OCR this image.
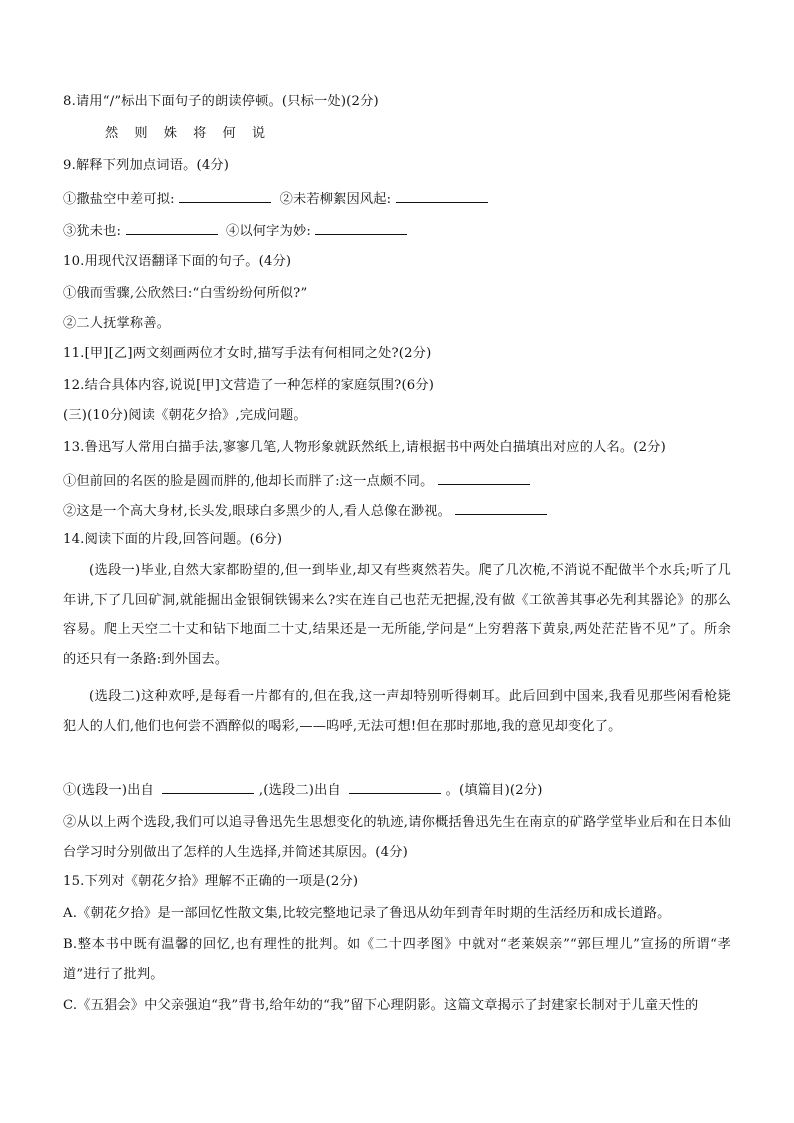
8.请用“/”标出下面句子的朗读停顿。(只标一处)(2分)
然 则 姝 将 何 说
9.解释下列加点词语。(4分)
①撒盐空中差可拟:	②未若柳絮因风起:
③犹未也:	④以何字为妙:
10.用现代汉语翻译下面的句子。(4分)
①俄而雪骤,公欣然曰:“白雪纷纷何所似?”
②二人抚掌称善。
11.[甲][乙]两文刻画两位才女时,描写手法有何相同之处?(2分)
12.结合具体内容,说说[甲]文营造了一种怎样的家庭氛围?(6分)
(三)(10分)阅读《朝花夕拾》,完成问题。
13.鲁迅写人常用白描手法,寥寥几笔,人物形象就跃然纸上,请根据书中两处白描填出对应的人名。(2分)
①但前回的名医的脸是圆而胖的,他却长而胖了:这一点颇不同。
②这是一个高大身材,长头发,眼球白多黑少的人,看人总像在渺视。
14.阅读下面的片段,回答问题。(6分)
(选段一)毕业,自然大家都盼望的,但一到毕业,却又有些爽然若失。爬了几次桅,不消说不配做半个水兵;听了几年讲,下了几回矿洞,就能掘出金银铜铁锡来么?实在连自己也茫无把握,没有做《工欲善其事必先利其器论》的那么容易。爬上天空二十丈和钻下地面二十丈,结果还是一无所能,学问是“上穷碧落下黄泉,两处茫茫皆不见”了。所余的还只有一条路:到外国去。
(选段二)这种欢呼,是每看一片都有的,但在我,这一声却特别听得刺耳。此后回到中国来,我看见那些闲看枪毙犯人的人们,他们也何尝不酒醉似的喝彩,——呜呼,无法可想!但在那时那地,我的意见却变化了。
①(选段一)出自	,(选段二)出自	。(填篇目)(2分)
②从以上两个选段,我们可以追寻鲁迅先生思想变化的轨迹,请你概括鲁迅先生在南京的矿路学堂毕业后和在日本仙台学习时分别做出了怎样的人生选择,并简述其原因。(4分)
15.下列对《朝花夕拾》理解不正确的一项是(2分)
A.《朝花夕拾》是一部回忆性散文集,比较完整地记录了鲁迅从幼年到青年时期的生活经历和成长道路。
B.整本书中既有温馨的回忆,也有理性的批判。如《二十四孝图》中就对“老莱娱亲”“郭巨埋儿”宣扬的所谓“孝道”进行了批判。
C.《五猖会》中父亲强迫“我”背书,给年幼的“我”留下心理阴影。这篇文章揭示了封建家长制对于儿童天性的
